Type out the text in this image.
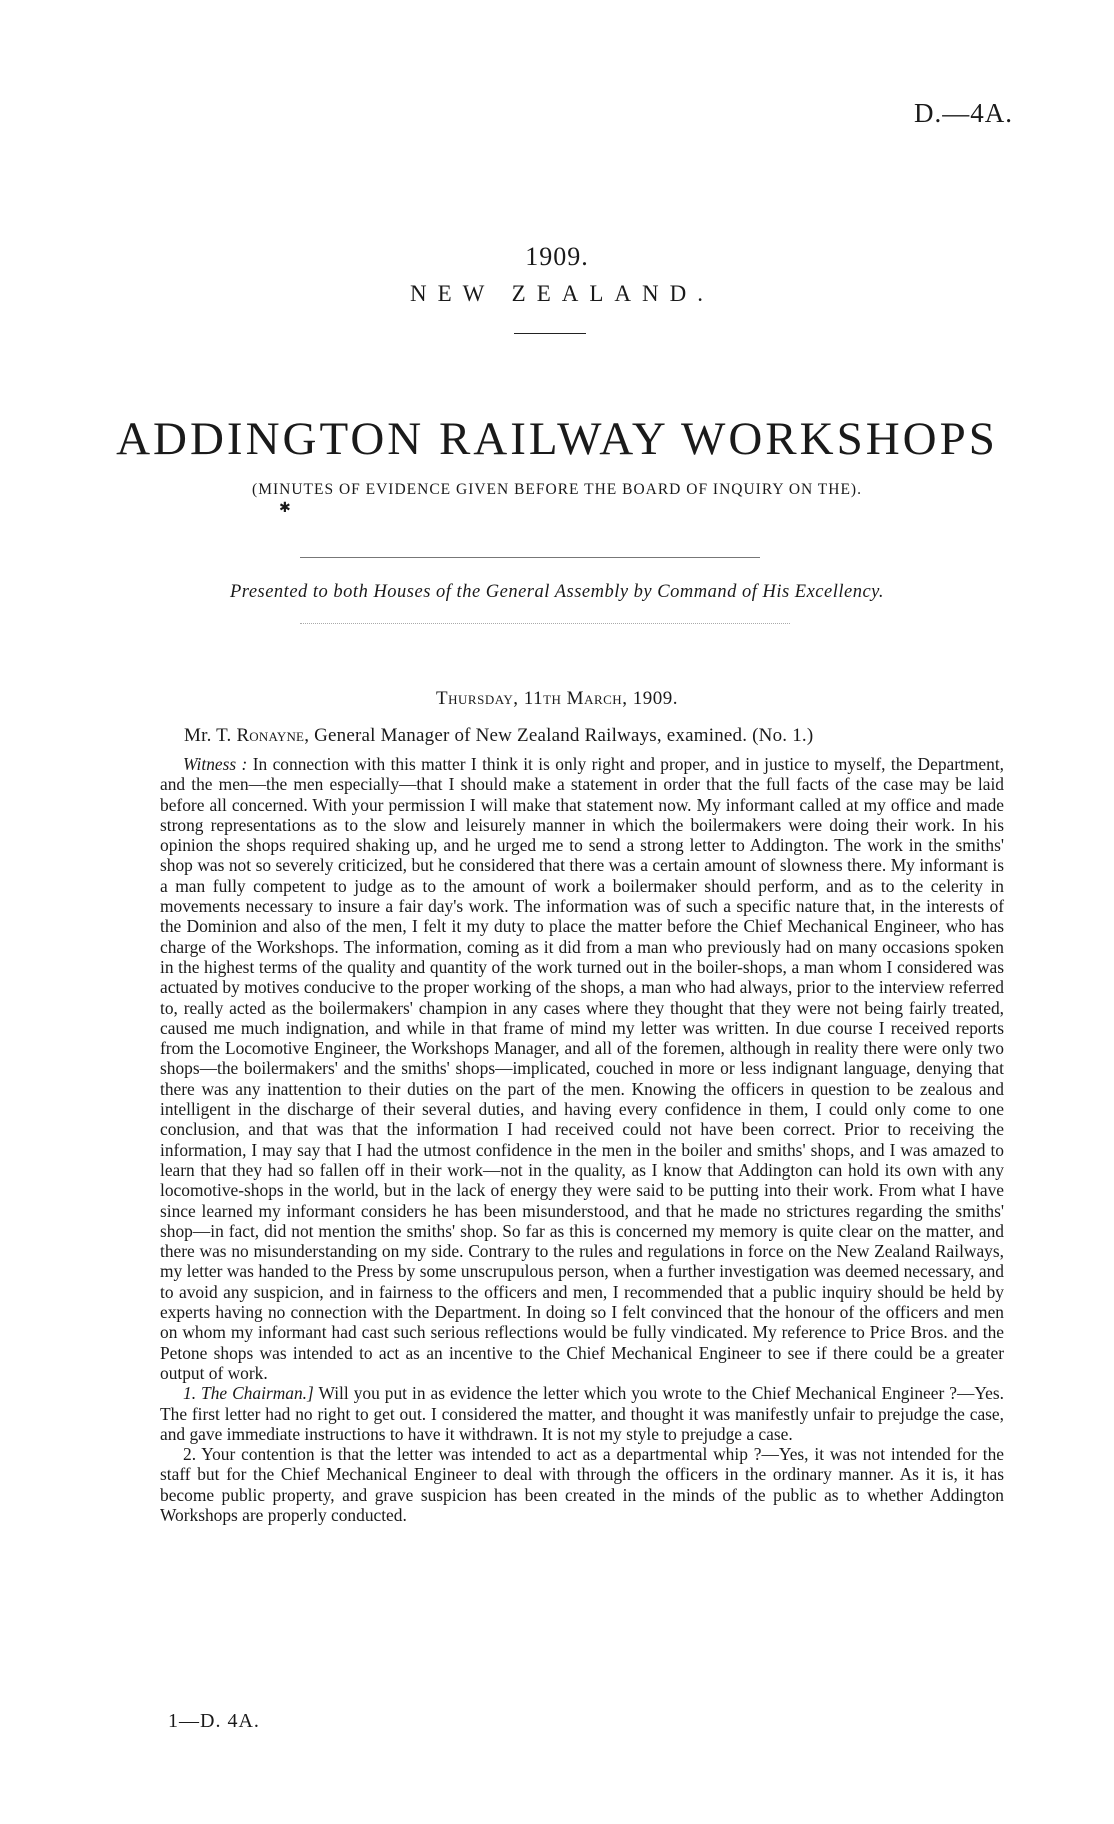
D.—4A.
1909.
NEW ZEALAND.
ADDINGTON RAILWAY WORKSHOPS
(MINUTES OF EVIDENCE GIVEN BEFORE THE BOARD OF INQUIRY ON THE).
✱
Presented to both Houses of the General Assembly by Command of His Excellency.
Thursday, 11th March, 1909.
Mr. T. Ronayne, General Manager of New Zealand Railways, examined. (No. 1.)

Witness : In connection with this matter I think it is only right and proper, and in justice to myself, the Department, and the men—the men especially—that I should make a statement in order that the full facts of the case may be laid before all concerned. With your permission I will make that statement now. My informant called at my office and made strong representations as to the slow and leisurely manner in which the boilermakers were doing their work. In his opinion the shops required shaking up, and he urged me to send a strong letter to Addington. The work in the smiths' shop was not so severely criticized, but he considered that there was a certain amount of slowness there. My informant is a man fully competent to judge as to the amount of work a boilermaker should perform, and as to the celerity in movements necessary to insure a fair day's work. The information was of such a specific nature that, in the interests of the Dominion and also of the men, I felt it my duty to place the matter before the Chief Mechanical Engineer, who has charge of the Workshops. The information, coming as it did from a man who previously had on many occasions spoken in the highest terms of the quality and quantity of the work turned out in the boiler-shops, a man whom I considered was actuated by motives conducive to the proper working of the shops, a man who had always, prior to the interview referred to, really acted as the boilermakers' champion in any cases where they thought that they were not being fairly treated, caused me much indignation, and while in that frame of mind my letter was written. In due course I received reports from the Locomotive Engineer, the Workshops Manager, and all of the foremen, although in reality there were only two shops—the boilermakers' and the smiths' shops—implicated, couched in more or less indignant language, denying that there was any inattention to their duties on the part of the men. Knowing the officers in question to be zealous and intelligent in the discharge of their several duties, and having every confidence in them, I could only come to one conclusion, and that was that the information I had received could not have been correct. Prior to receiving the information, I may say that I had the utmost confidence in the men in the boiler and smiths' shops, and I was amazed to learn that they had so fallen off in their work—not in the quality, as I know that Addington can hold its own with any locomotive-shops in the world, but in the lack of energy they were said to be putting into their work. From what I have since learned my informant considers he has been misunderstood, and that he made no strictures regarding the smiths' shop—in fact, did not mention the smiths' shop. So far as this is concerned my memory is quite clear on the matter, and there was no misunderstanding on my side. Contrary to the rules and regulations in force on the New Zealand Railways, my letter was handed to the Press by some unscrupulous person, when a further investigation was deemed necessary, and to avoid any suspicion, and in fairness to the officers and men, I recommended that a public inquiry should be held by experts having no connection with the Department. In doing so I felt convinced that the honour of the officers and men on whom my informant had cast such serious reflections would be fully vindicated. My reference to Price Bros. and the Petone shops was intended to act as an incentive to the Chief Mechanical Engineer to see if there could be a greater output of work.

1. The Chairman.] Will you put in as evidence the letter which you wrote to the Chief Mechanical Engineer ?—Yes. The first letter had no right to get out. I considered the matter, and thought it was manifestly unfair to prejudge the case, and gave immediate instructions to have it withdrawn. It is not my style to prejudge a case.

2. Your contention is that the letter was intended to act as a departmental whip ?—Yes, it was not intended for the staff but for the Chief Mechanical Engineer to deal with through the officers in the ordinary manner. As it is, it has become public property, and grave suspicion has been created in the minds of the public as to whether Addington Workshops are properly conducted.

1—D. 4A.
